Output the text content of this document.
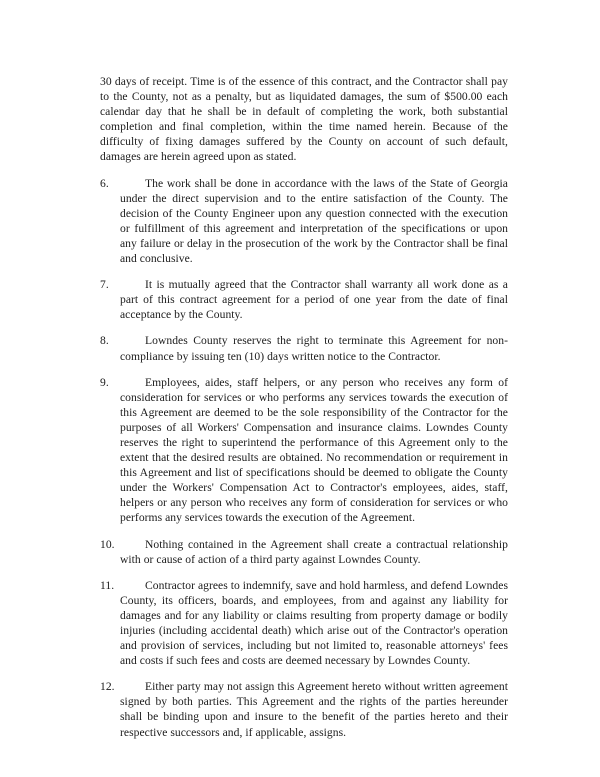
30 days of receipt. Time is of the essence of this contract, and the Contractor shall pay to the County, not as a penalty, but as liquidated damages, the sum of $500.00 each calendar day that he shall be in default of completing the work, both substantial completion and final completion, within the time named herein. Because of the difficulty of fixing damages suffered by the County on account of such default, damages are herein agreed upon as stated.

6.	The work shall be done in accordance with the laws of the State of Georgia under the direct supervision and to the entire satisfaction of the County. The decision of the County Engineer upon any question connected with the execution or fulfillment of this agreement and interpretation of the specifications or upon any failure or delay in the prosecution of the work by the Contractor shall be final and conclusive.
7.	It is mutually agreed that the Contractor shall warranty all work done as a part of this contract agreement for a period of one year from the date of final acceptance by the County.
8.	Lowndes County reserves the right to terminate this Agreement for non-compliance by issuing ten (10) days written notice to the Contractor.
9.	Employees, aides, staff helpers, or any person who receives any form of consideration for services or who performs any services towards the execution of this Agreement are deemed to be the sole responsibility of the Contractor for the purposes of all Workers' Compensation and insurance claims. Lowndes County reserves the right to superintend the performance of this Agreement only to the extent that the desired results are obtained. No recommendation or requirement in this Agreement and list of specifications should be deemed to obligate the County under the Workers' Compensation Act to Contractor's employees, aides, staff, helpers or any person who receives any form of consideration for services or who performs any services towards the execution of the Agreement.
10.	Nothing contained in the Agreement shall create a contractual relationship with or cause of action of a third party against Lowndes County.
11.	Contractor agrees to indemnify, save and hold harmless, and defend Lowndes County, its officers, boards, and employees, from and against any liability for damages and for any liability or claims resulting from property damage or bodily injuries (including accidental death) which arise out of the Contractor's operation and provision of services, including but not limited to, reasonable attorneys' fees and costs if such fees and costs are deemed necessary by Lowndes County.
12.	Either party may not assign this Agreement hereto without written agreement signed by both parties. This Agreement and the rights of the parties hereunder shall be binding upon and insure to the benefit of the parties hereto and their respective successors and, if applicable, assigns.
